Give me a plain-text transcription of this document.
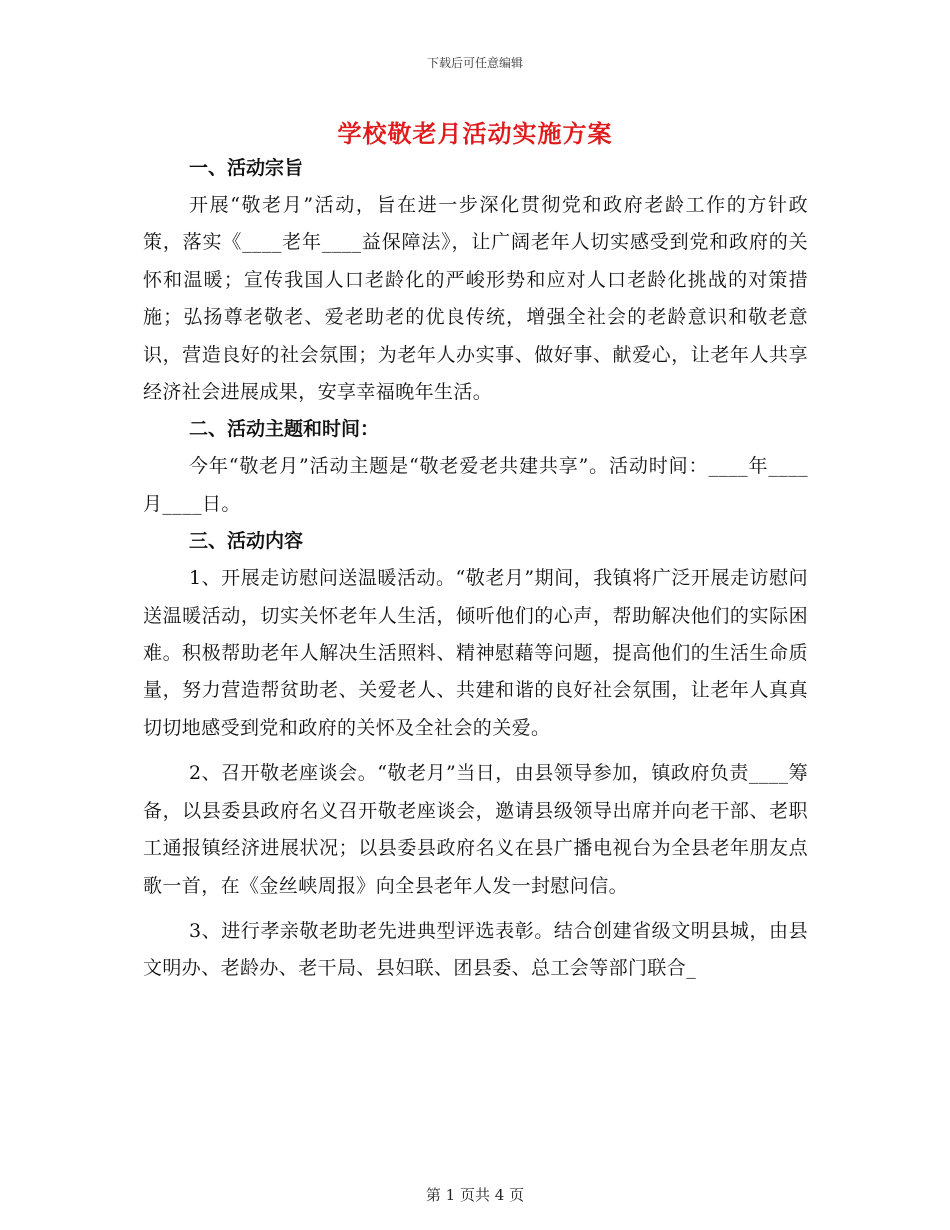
下载后可任意编辑
学校敬老月活动实施方案
一、活动宗旨

开展“敬老月”活动，旨在进一步深化贯彻党和政府老龄工作的方针政策，落实《____老年____益保障法》，让广阔老年人切实感受到党和政府的关怀和温暖；宣传我国人口老龄化的严峻形势和应对人口老龄化挑战的对策措施；弘扬尊老敬老、爱老助老的优良传统，增强全社会的老龄意识和敬老意识，营造良好的社会氛围；为老年人办实事、做好事、献爱心，让老年人共享经济社会进展成果，安享幸福晚年生活。

二、活动主题和时间：

今年“敬老月”活动主题是“敬老爱老共建共享”。活动时间：____年____月____日。

三、活动内容

1、开展走访慰问送温暖活动。“敬老月”期间，我镇将广泛开展走访慰问送温暖活动，切实关怀老年人生活，倾听他们的心声，帮助解决他们的实际困难。积极帮助老年人解决生活照料、精神慰藉等问题，提高他们的生活生命质量，努力营造帮贫助老、关爱老人、共建和谐的良好社会氛围，让老年人真真切切地感受到党和政府的关怀及全社会的关爱。

2、召开敬老座谈会。“敬老月”当日，由县领导参加，镇政府负责____筹备，以县委县政府名义召开敬老座谈会，邀请县级领导出席并向老干部、老职工通报镇经济进展状况；以县委县政府名义在县广播电视台为全县老年朋友点歌一首，在《金丝峡周报》向全县老年人发一封慰问信。

3、进行孝亲敬老助老先进典型评选表彰。结合创建省级文明县城，由县文明办、老龄办、老干局、县妇联、团县委、总工会等部门联合_

第 1 页共 4 页
